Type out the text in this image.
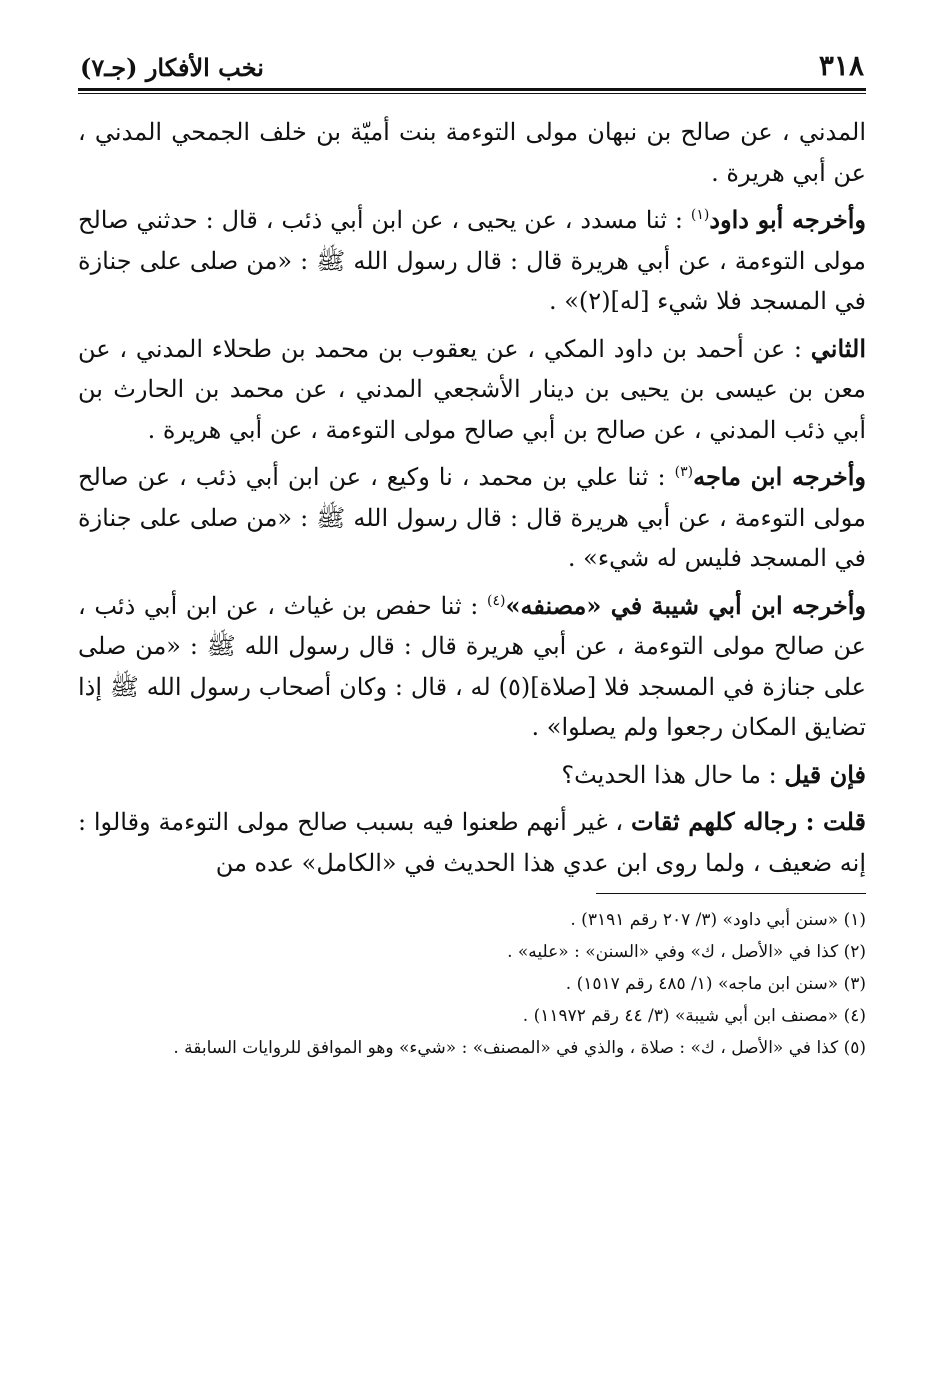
٣١٨
نخب الأفكار (جـ٧)

المدني ، عن صالح بن نبهان مولى التوءمة بنت أميّة بن خلف الجمحي المدني ، عن أبي هريرة .

وأخرجه أبو داود$^{(١)}$ : ثنا مسدد ، عن يحيى ، عن ابن أبي ذئب ، قال : حدثني صالح مولى التوءمة ، عن أبي هريرة قال : قال رسول الله ﷺ : «من صلى على جنازة في المسجد فلا شيء [له](٢)» .

الثاني : عن أحمد بن داود المكي ، عن يعقوب بن محمد بن طحلاء المدني ، عن معن بن عيسى بن يحيى بن دينار الأشجعي المدني ، عن محمد بن الحارث بن أبي ذئب المدني ، عن صالح بن أبي صالح مولى التوءمة ، عن أبي هريرة .

وأخرجه ابن ماجه$^{(٣)}$ : ثنا علي بن محمد ، نا وكيع ، عن ابن أبي ذئب ، عن صالح مولى التوءمة ، عن أبي هريرة قال : قال رسول الله ﷺ : «من صلى على جنازة في المسجد فليس له شيء» .

وأخرجه ابن أبي شيبة في «مصنفه»$^{(٤)}$ : ثنا حفص بن غياث ، عن ابن أبي ذئب ، عن صالح مولى التوءمة ، عن أبي هريرة قال : قال رسول الله ﷺ : «من صلى على جنازة في المسجد فلا [صلاة](٥) له ، قال : وكان أصحاب رسول الله ﷺ إذا تضايق المكان رجعوا ولم يصلوا» .

فإن قيل : ما حال هذا الحديث؟

قلت : رجاله كلهم ثقات ، غير أنهم طعنوا فيه بسبب صالح مولى التوءمة وقالوا : إنه ضعيف ، ولما روى ابن عدي هذا الحديث في «الكامل» عده من

(١) «سنن أبي داود» (٣/ ٢٠٧ رقم ٣١٩١) .

(٢) كذا في «الأصل ، ك» وفي «السنن» : «عليه» .

(٣) «سنن ابن ماجه» (١/ ٤٨٥ رقم ١٥١٧) .

(٤) «مصنف ابن أبي شيبة» (٣/ ٤٤ رقم ١١٩٧٢) .

(٥) كذا في «الأصل ، ك» : صلاة ، والذي في «المصنف» : «شيء» وهو الموافق للروايات السابقة .
